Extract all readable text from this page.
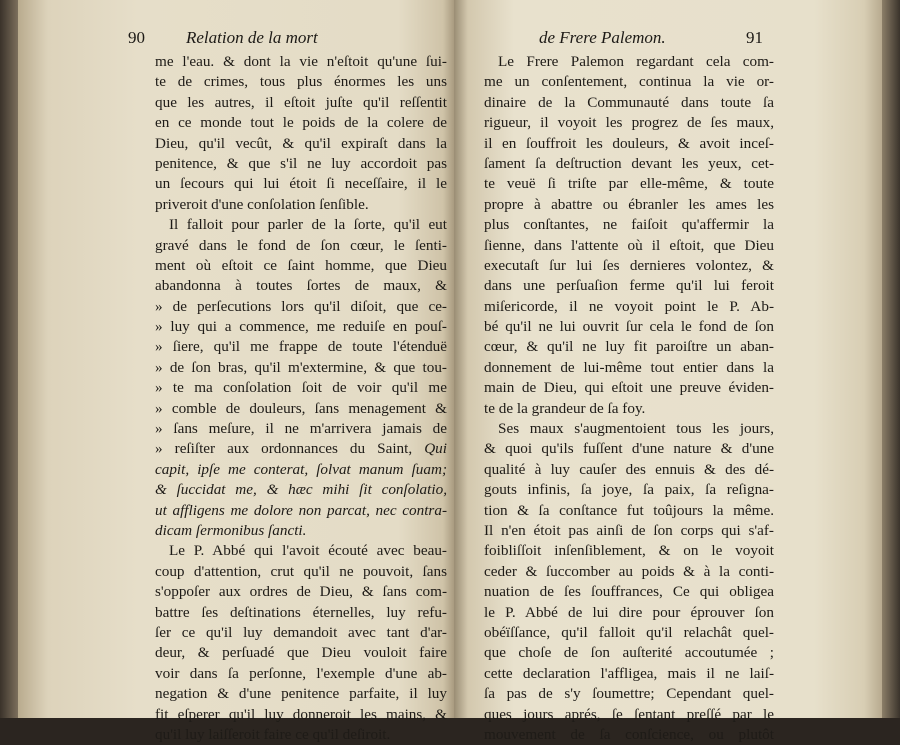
90 Relation de la mort
me l'eau. & dont la vie n'eſtoit qu'une ſui-
te de crimes, tous plus énormes les uns
que les autres, il eſtoit juſte qu'il reſſentit
en ce monde tout le poids de la colere de
Dieu, qu'il vecût, & qu'il expiraſt dans la
penitence, & que s'il ne luy accordoit pas
un ſecours qui lui étoit ſi neceſſaire, il le
priveroit d'une conſolation ſenſible.
Il falloit pour parler de la ſorte, qu'il eut
gravé dans le fond de ſon cœur, le ſenti-
ment où eſtoit ce ſaint homme, que Dieu
abandonna à toutes ſortes de maux, &
» de perſecutions lors qu'il diſoit, que ce-
» luy qui a commence, me reduiſe en pouſ-
» ſiere, qu'il me frappe de toute l'étenduë
» de ſon bras, qu'il m'extermine, & que tou-
» te ma conſolation ſoit de voir qu'il me
» comble de douleurs, ſans menagement &
» ſans meſure, il ne m'arrivera jamais de
» reſiſter aux ordonnances du Saint, Qui
capit, ipſe me conterat, ſolvat manum ſuam;
& ſuccidat me, & hæc mihi ſit conſolatio,
ut affligens me dolore non parcat, nec contra-
dicam ſermonibus ſancti.
Le P. Abbé qui l'avoit écouté avec beau-
coup d'attention, crut qu'il ne pouvoit, ſans
s'oppoſer aux ordres de Dieu, & ſans com-
battre ſes deſtinations éternelles, luy refu-
ſer ce qu'il luy demandoit avec tant d'ar-
deur, & perſuadé que Dieu vouloit faire
voir dans ſa perſonne, l'exemple d'une ab-
negation & d'une penitence parfaite, il luy
fit eſperer qu'il luy donneroit les mains, &
qu'il luy laiſſeroit faire ce qu'il deſiroit.
de Frere Palemon.	91
Le Frere Palemon regardant cela com-
me un conſentement, continua la vie or-
dinaire de la Communauté dans toute ſa
rigueur, il voyoit les progrez de ſes maux,
il en ſouffroit les douleurs, & avoit inceſ-
ſament ſa deſtruction devant les yeux, cet-
te veuë ſi triſte par elle-même, & toute
propre à abattre ou ébranler les ames les
plus conſtantes, ne faiſoit qu'affermir la
ſienne, dans l'attente où il eſtoit, que Dieu
executaſt ſur lui ſes dernieres volontez, &
dans une perſuaſion ferme qu'il lui feroit
miſericorde, il ne voyoit point le P. Ab-
bé qu'il ne lui ouvrit ſur cela le fond de ſon
cœur, & qu'il ne luy fit paroiſtre un aban-
donnement de lui-même tout entier dans la
main de Dieu, qui eſtoit une preuve éviden-
te de la grandeur de ſa foy.
Ses maux s'augmentoient tous les jours,
& quoi qu'ils fuſſent d'une nature & d'une
qualité à luy cauſer des ennuis & des dé-
gouts infinis, ſa joye, ſa paix, ſa reſigna-
tion & ſa conſtance fut toûjours la même.
Il n'en étoit pas ainſi de ſon corps qui s'af-
foibliſſoit inſenſiblement, & on le voyoit
ceder & ſuccomber au poids & à la conti-
nuation de ſes ſouffrances, Ce qui obligea
le P. Abbé de lui dire pour éprouver ſon
obéïſſance, qu'il falloit qu'il relachât quel-
que choſe de ſon auſterité accoutumée ;
cette declaration l'affligea, mais il ne laiſ-
ſa pas de s'y ſoumettre; Cependant quel-
ques jours aprés, ſe ſentant preſſé par le
mouvement de ſa conſcience, ou plutôt
